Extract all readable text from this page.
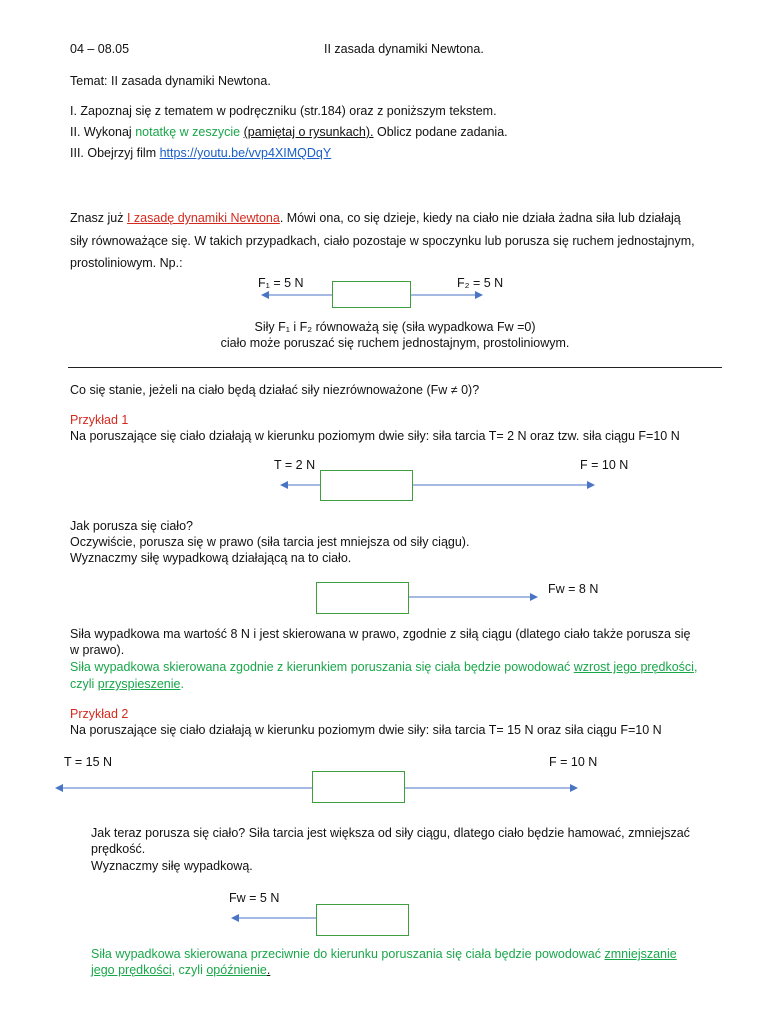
04 – 08.05	II zasada dynamiki Newtona.
Temat: II zasada dynamiki Newtona.
I. Zapoznaj się z tematem w podręczniku (str.184) oraz z poniższym tekstem.
II. Wykonaj notatkę w zeszycie (pamiętaj o rysunkach). Oblicz podane zadania.
III. Obejrzyj film https://youtu.be/vvp4XIMQDqY
Znasz już I zasadę dynamiki Newtona. Mówi ona, co się dzieje, kiedy na ciało nie działa żadna siła lub działają
siły równoważące się. W takich przypadkach, ciało pozostaje w spoczynku lub porusza się ruchem jednostajnym,
prostoliniowym. Np.:
F₁ = 5 N	F₂ = 5 N
Siły F₁ i F₂ równoważą się (siła wypadkowa Fw =0)
ciało może poruszać się ruchem jednostajnym, prostoliniowym.
Co się stanie, jeżeli na ciało będą działać siły niezrównoważone (Fw ≠ 0)?
Przykład 1
Na poruszające się ciało działają w kierunku poziomym dwie siły: siła tarcia T= 2 N oraz tzw. siła ciągu F=10 N
T = 2 N	F = 10 N
Jak porusza się ciało?
Oczywiście, porusza się w prawo (siła tarcia jest mniejsza od siły ciągu).
Wyznaczmy siłę wypadkową działającą na to ciało.
Fw = 8 N
Siła wypadkowa ma wartość 8 N i jest skierowana w prawo, zgodnie z siłą ciągu (dlatego ciało także porusza się
w prawo).
Siła wypadkowa skierowana zgodnie z kierunkiem poruszania się ciała będzie powodować wzrost jego prędkości,
czyli przyspieszenie.
Przykład 2
Na poruszające się ciało działają w kierunku poziomym dwie siły: siła tarcia T= 15 N oraz siła ciągu F=10 N
T = 15 N	F = 10 N
Jak teraz porusza się ciało? Siła tarcia jest większa od siły ciągu, dlatego ciało będzie hamować, zmniejszać
prędkość.
Wyznaczmy siłę wypadkową.
Fw = 5 N
Siła wypadkowa skierowana przeciwnie do kierunku poruszania się ciała będzie powodować zmniejszanie
jego prędkości, czyli opóźnienie.
